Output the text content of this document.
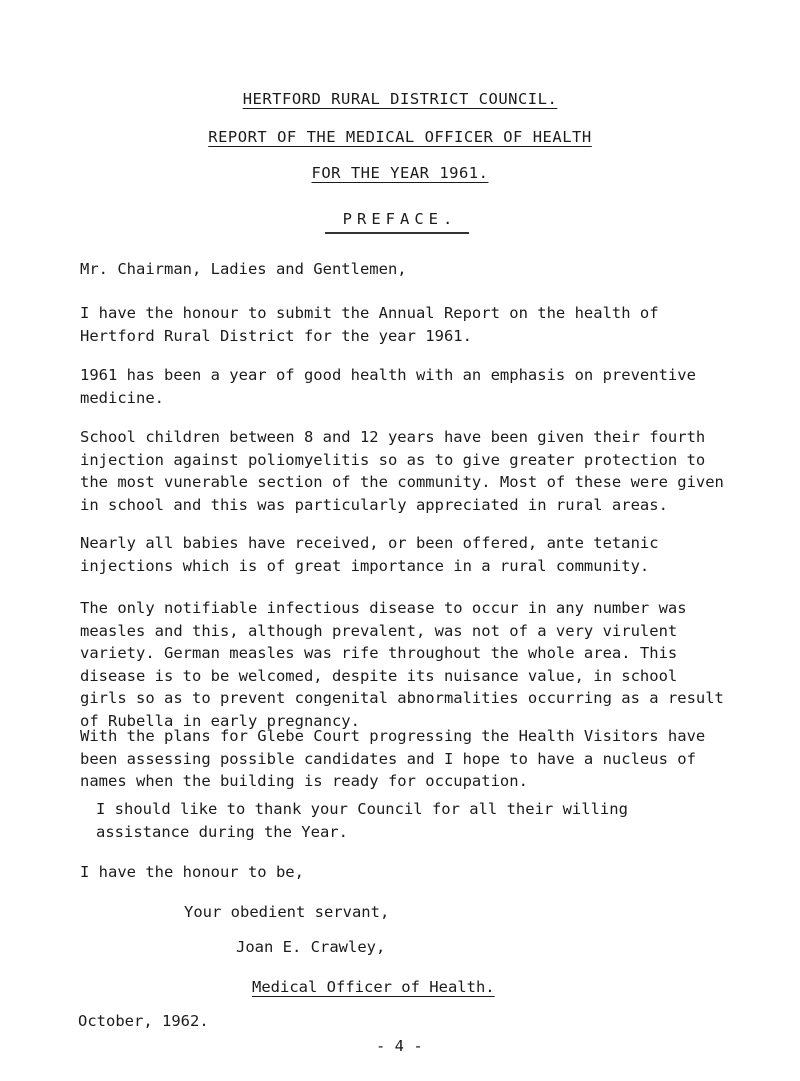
HERTFORD RURAL DISTRICT COUNCIL.
REPORT OF THE MEDICAL OFFICER OF HEALTH
FOR THE YEAR 1961.
PREFACE.

Mr. Chairman, Ladies and Gentlemen,

I have the honour to submit the Annual Report on the health of Hertford Rural District for the year 1961.

1961 has been a year of good health with an emphasis on preventive medicine.

School children between 8 and 12 years have been given their fourth injection against poliomyelitis so as to give greater protection to the most vunerable section of the community. Most of these were given in school and this was particularly appreciated in rural areas.

Nearly all babies have received, or been offered, ante tetanic injections which is of great importance in a rural community.

The only notifiable infectious disease to occur in any number was measles and this, although prevalent, was not of a very virulent variety. German measles was rife throughout the whole area. This disease is to be welcomed, despite its nuisance value, in school girls so as to prevent congenital abnormalities occurring as a result of Rubella in early pregnancy.

With the plans for Glebe Court progressing the Health Visitors have been assessing possible candidates and I hope to have a nucleus of names when the building is ready for occupation.

I should like to thank your Council for all their willing assistance during the Year.

I have the honour to be,

Your obedient servant,

Joan E. Crawley,

Medical Officer of Health.

October, 1962.

- 4 -
